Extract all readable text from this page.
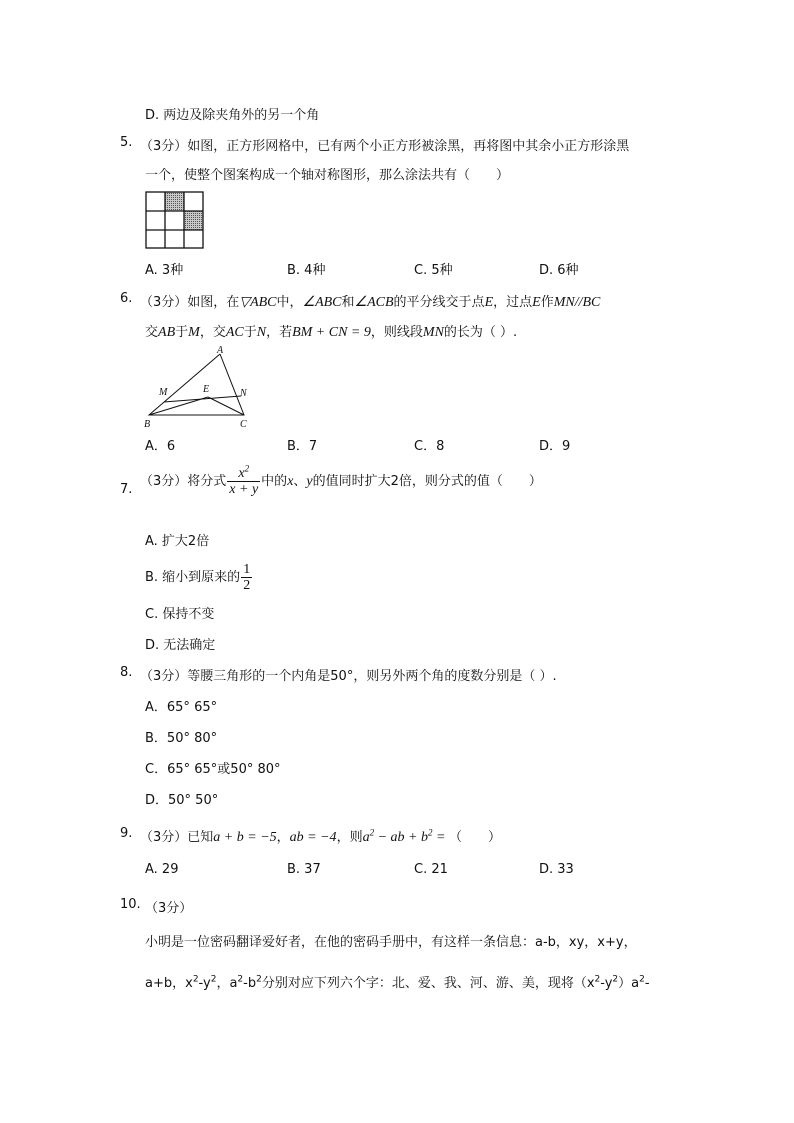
D. 两边及除夹角外的另一个角
5. （3分）如图，正方形网格中，已有两个小正方形被涂黑，再将图中其余小正方形涂黑
一个，使整个图案构成一个轴对称图形，那么涂法共有（　　）
A. 3种	B. 4种	C. 5种	D. 6种
6. （3分）如图，在▽ABC中，∠ABC和∠ACB的平分线交于点E，过点E作MN//BC
交AB于M，交AC于N，若BM + CN = 9，则线段MN的长为（ ）.
A
M	E	N
B	C
A．6	B．7	C．8	D．9
7.
（3分）将分式 $\frac{x^2}{x + y}$ 中的x、y的值同时扩大2倍，则分式的值（　　）
A. 扩大2倍
B. 缩小到原来的 $\frac{1}{2}$
C. 保持不变
D. 无法确定
8. （3分）等腰三角形的一个内角是50°，则另外两个角的度数分别是（ ）.
A．65° 65°
B．50° 80°
C．65° 65°或50° 80°
D．50° 50°
9. （3分）已知a + b = −5，ab = −4，则$a^2$ − ab + $b^2$ = （　　）
A. 29	B. 37	C. 21	D. 33
10. （3分）
小明是一位密码翻译爱好者，在他的密码手册中，有这样一条信息：a-b，xy，x+y，
a+b，$x^2-y^2$，$a^2-b^2$分别对应下列六个字：北、爱、我、河、游、美，现将$(x^2-y^2)a^2-$
